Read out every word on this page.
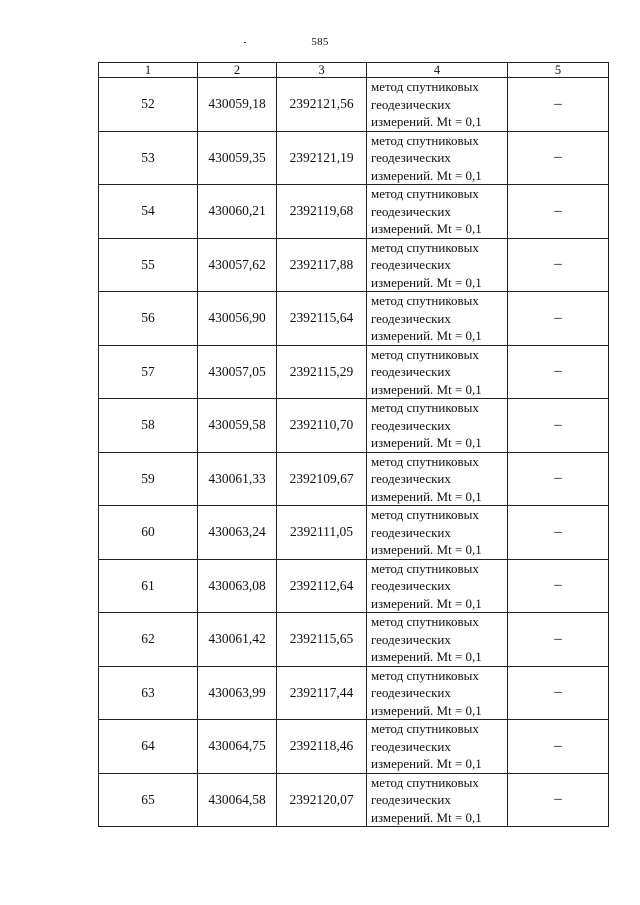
585
1	2	3	4	5
52	430059,18	2392121,56	метод спутниковых геодезических измерений. Mt = 0,1	–
53	430059,35	2392121,19	метод спутниковых геодезических измерений. Mt = 0,1	–
54	430060,21	2392119,68	метод спутниковых геодезических измерений. Mt = 0,1	–
55	430057,62	2392117,88	метод спутниковых геодезических измерений. Mt = 0,1	–
56	430056,90	2392115,64	метод спутниковых геодезических измерений. Mt = 0,1	–
57	430057,05	2392115,29	метод спутниковых геодезических измерений. Mt = 0,1	–
58	430059,58	2392110,70	метод спутниковых геодезических измерений. Mt = 0,1	–
59	430061,33	2392109,67	метод спутниковых геодезических измерений. Mt = 0,1	–
60	430063,24	2392111,05	метод спутниковых геодезических измерений. Mt = 0,1	–
61	430063,08	2392112,64	метод спутниковых геодезических измерений. Mt = 0,1	–
62	430061,42	2392115,65	метод спутниковых геодезических измерений. Mt = 0,1	–
63	430063,99	2392117,44	метод спутниковых геодезических измерений. Mt = 0,1	–
64	430064,75	2392118,46	метод спутниковых геодезических измерений. Mt = 0,1	–
65	430064,58	2392120,07	метод спутниковых геодезических измерений. Mt = 0,1	–
